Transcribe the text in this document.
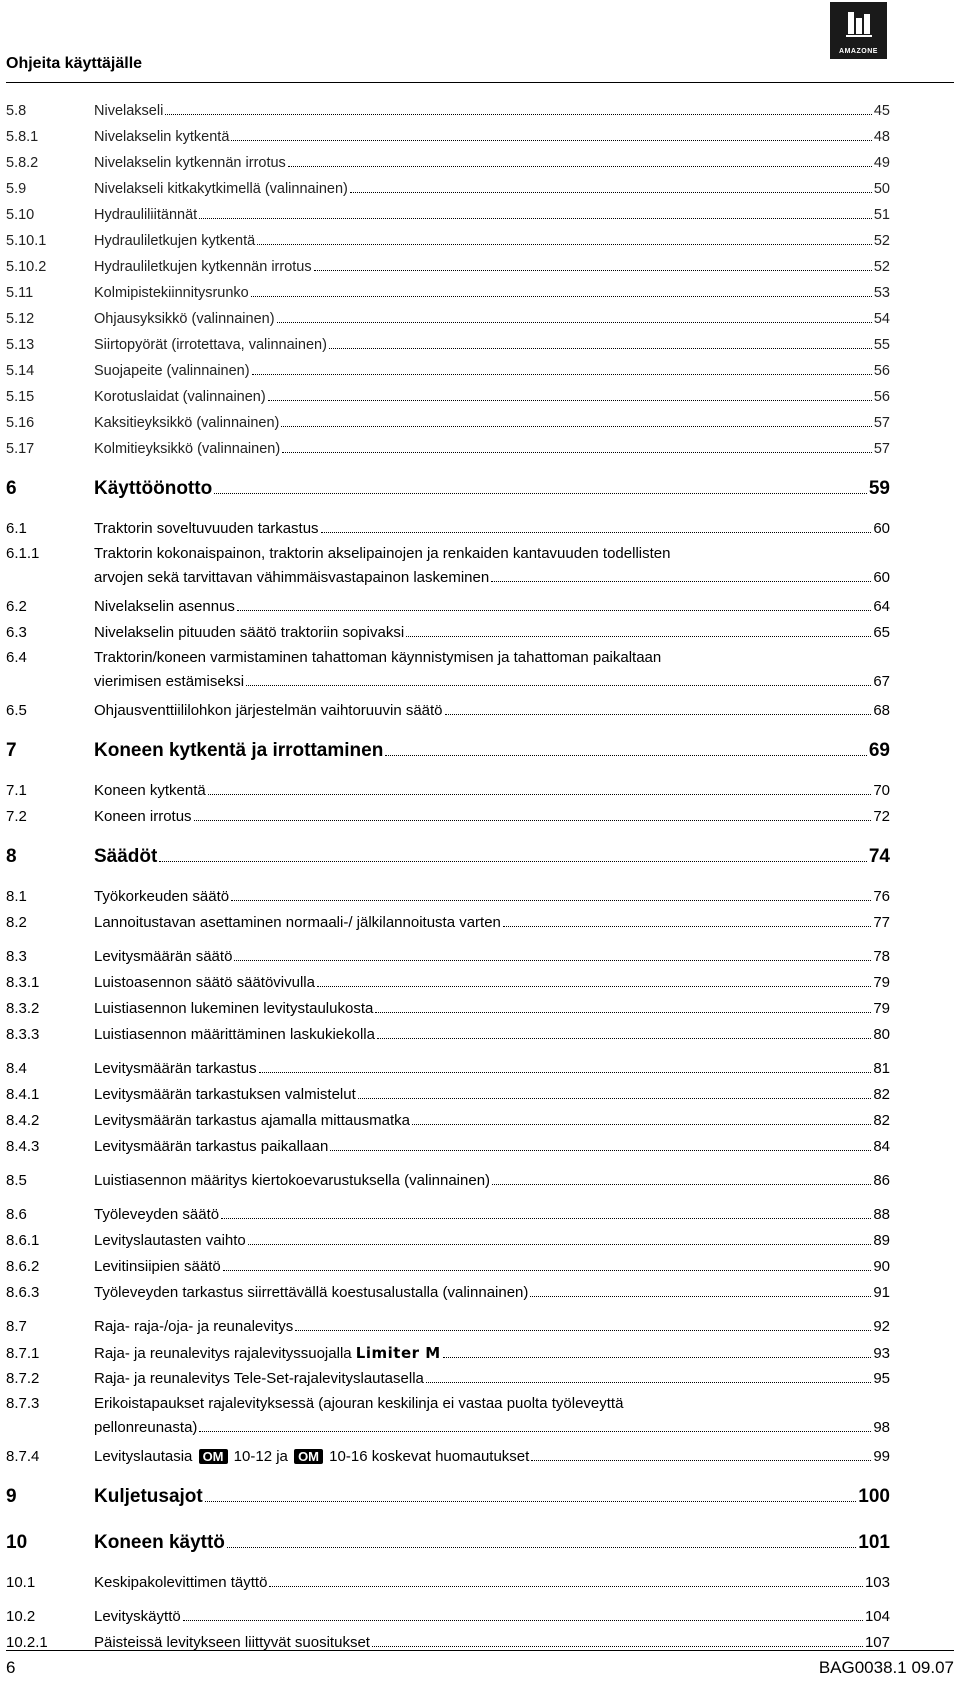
Ohjeita käyttäjälle
AMAZONE
5.8	Nivelakseli	45
5.8.1	Nivelakselin kytkentä	48
5.8.2	Nivelakselin kytkennän irrotus	49
5.9	Nivelakseli kitkakytkimellä (valinnainen)	50
5.10	Hydrauliliitännät	51
5.10.1	Hydrauliletkujen kytkentä	52
5.10.2	Hydrauliletkujen kytkennän irrotus	52
5.11	Kolmipistekiinnitysrunko	53
5.12	Ohjausyksikkö (valinnainen)	54
5.13	Siirtopyörät (irrotettava, valinnainen)	55
5.14	Suojapeite (valinnainen)	56
5.15	Korotuslaidat (valinnainen)	56
5.16	Kaksitieyksikkö (valinnainen)	57
5.17	Kolmitieyksikkö (valinnainen)	57
6	Käyttöönotto	59
6.1	Traktorin soveltuvuuden tarkastus	60
6.1.1	Traktorin kokonaispainon, traktorin akselipainojen ja renkaiden kantavuuden todellisten
arvojen sekä tarvittavan vähimmäisvastapainon laskeminen	60
6.2	Nivelakselin asennus	64
6.3	Nivelakselin pituuden säätö traktoriin sopivaksi	65
6.4	Traktorin/koneen varmistaminen tahattoman käynnistymisen ja tahattoman paikaltaan
vierimisen estämiseksi	67
6.5	Ohjausventtiililohkon järjestelmän vaihtoruuvin säätö	68
7	Koneen kytkentä ja irrottaminen	69
7.1	Koneen kytkentä	70
7.2	Koneen irrotus	72
8	Säädöt	74
8.1	Työkorkeuden säätö	76
8.2	Lannoitustavan asettaminen normaali-/ jälkilannoitusta varten	77
8.3	Levitysmäärän säätö	78
8.3.1	Luistoasennon säätö säätövivulla	79
8.3.2	Luistiasennon lukeminen levitystaulukosta	79
8.3.3	Luistiasennon määrittäminen laskukiekolla	80
8.4	Levitysmäärän tarkastus	81
8.4.1	Levitysmäärän tarkastuksen valmistelut	82
8.4.2	Levitysmäärän tarkastus ajamalla mittausmatka	82
8.4.3	Levitysmäärän tarkastus paikallaan	84
8.5	Luistiasennon määritys kiertokoevarustuksella (valinnainen)	86
8.6	Työleveyden säätö	88
8.6.1	Levityslautasten vaihto	89
8.6.2	Levitinsiipien säätö	90
8.6.3	Työleveyden tarkastus siirrettävällä koestusalustalla (valinnainen)	91
8.7	Raja- raja-/oja- ja reunalevitys	92
8.7.1	Raja- ja reunalevitys rajalevityssuojalla Limiter M	93
8.7.2	Raja- ja reunalevitys Tele-Set-rajalevityslautasella	95
8.7.3	Erikoistapaukset rajalevityksessä (ajouran keskilinja ei vastaa puolta työleveyttä
pellonreunasta)	98
8.7.4	Levityslautasia OM 10-12 ja OM 10-16 koskevat huomautukset	99
9	Kuljetusajot	100
10	Koneen käyttö	101
10.1	Keskipakolevittimen täyttö	103
10.2	Levityskäyttö	104
10.2.1	Päisteissä levitykseen liittyvät suositukset	107
6	BAG0038.1 09.07
